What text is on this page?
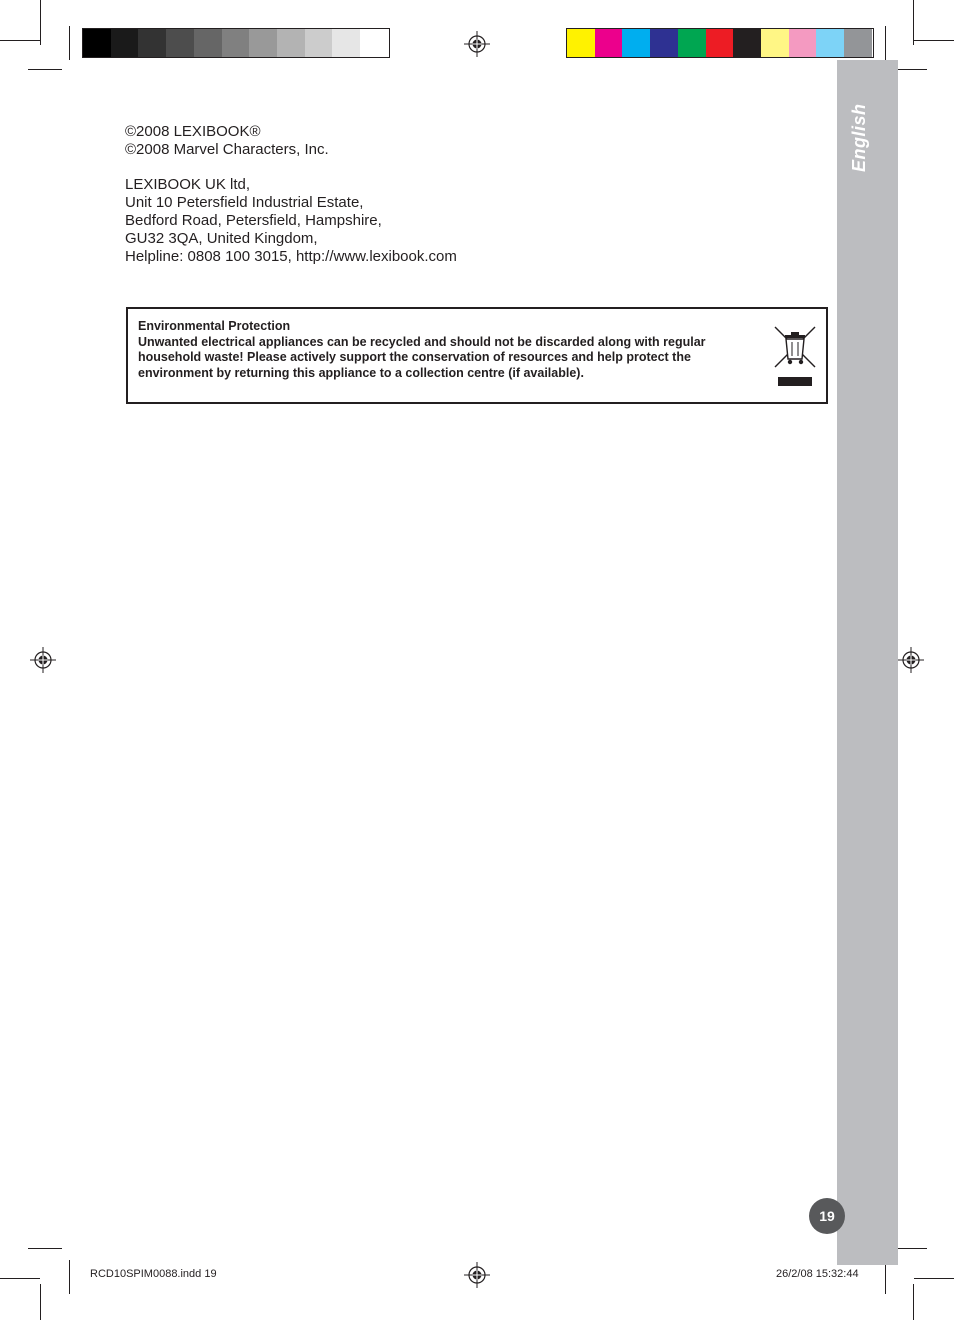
English
©2008 LEXIBOOK®
©2008 Marvel Characters, Inc.
LEXIBOOK UK ltd,
Unit 10 Petersfield Industrial Estate,
Bedford Road, Petersfield, Hampshire,
GU32 3QA, United Kingdom,
Helpline: 0808 100 3015, http://www.lexibook.com
Environmental Protection
Unwanted electrical appliances can be recycled and should not be discarded along with regular household waste! Please actively support the conservation of resources and help protect the environment by returning this appliance to a collection centre (if available).
19
RCD10SPIM0088.indd 19	26/2/08 15:32:44
